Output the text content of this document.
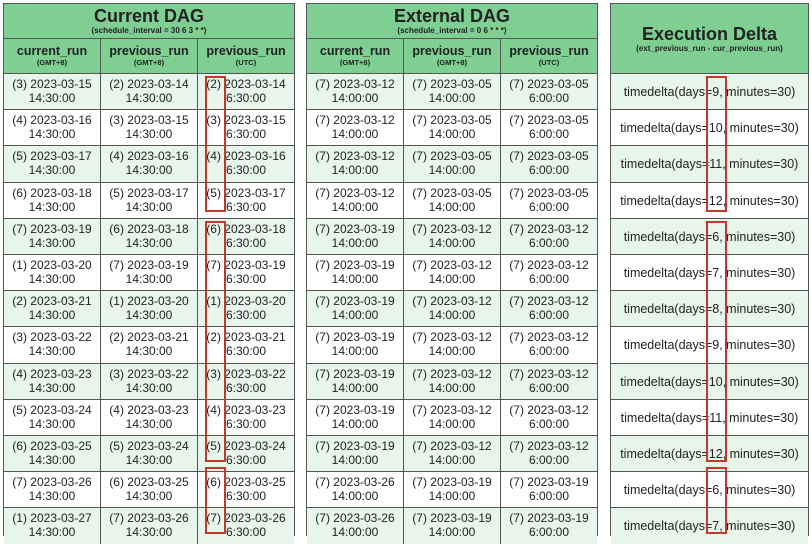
Current DAG
(schedule_interval = 30 6 3 * *)
current_run
(GMT+8)
previous_run
(GMT+8)
previous_run
(UTC)
(3) 2023-03-15
14:30:00
(2) 2023-03-14
14:30:00
(2) 2023-03-14
6:30:00
(4) 2023-03-16
14:30:00
(3) 2023-03-15
14:30:00
(3) 2023-03-15
6:30:00
(5) 2023-03-17
14:30:00
(4) 2023-03-16
14:30:00
(4) 2023-03-16
6:30:00
(6) 2023-03-18
14:30:00
(5) 2023-03-17
14:30:00
(5) 2023-03-17
6:30:00
(7) 2023-03-19
14:30:00
(6) 2023-03-18
14:30:00
(6) 2023-03-18
6:30:00
(1) 2023-03-20
14:30:00
(7) 2023-03-19
14:30:00
(7) 2023-03-19
6:30:00
(2) 2023-03-21
14:30:00
(1) 2023-03-20
14:30:00
(1) 2023-03-20
6:30:00
(3) 2023-03-22
14:30:00
(2) 2023-03-21
14:30:00
(2) 2023-03-21
6:30:00
(4) 2023-03-23
14:30:00
(3) 2023-03-22
14:30:00
(3) 2023-03-22
6:30:00
(5) 2023-03-24
14:30:00
(4) 2023-03-23
14:30:00
(4) 2023-03-23
6:30:00
(6) 2023-03-25
14:30:00
(5) 2023-03-24
14:30:00
(5) 2023-03-24
6:30:00
(7) 2023-03-26
14:30:00
(6) 2023-03-25
14:30:00
(6) 2023-03-25
6:30:00
(1) 2023-03-27
14:30:00
(7) 2023-03-26
14:30:00
(7) 2023-03-26
6:30:00
External DAG
(schedule_interval = 0 6 * * *)
current_run
(GMT+8)
previous_run
(GMT+8)
previous_run
(UTC)
(7) 2023-03-12
14:00:00
(7) 2023-03-05
14:00:00
(7) 2023-03-05
6:00:00
(7) 2023-03-12
14:00:00
(7) 2023-03-05
14:00:00
(7) 2023-03-05
6:00:00
(7) 2023-03-12
14:00:00
(7) 2023-03-05
14:00:00
(7) 2023-03-05
6:00:00
(7) 2023-03-12
14:00:00
(7) 2023-03-05
14:00:00
(7) 2023-03-05
6:00:00
(7) 2023-03-19
14:00:00
(7) 2023-03-12
14:00:00
(7) 2023-03-12
6:00:00
(7) 2023-03-19
14:00:00
(7) 2023-03-12
14:00:00
(7) 2023-03-12
6:00:00
(7) 2023-03-19
14:00:00
(7) 2023-03-12
14:00:00
(7) 2023-03-12
6:00:00
(7) 2023-03-19
14:00:00
(7) 2023-03-12
14:00:00
(7) 2023-03-12
6:00:00
(7) 2023-03-19
14:00:00
(7) 2023-03-12
14:00:00
(7) 2023-03-12
6:00:00
(7) 2023-03-19
14:00:00
(7) 2023-03-12
14:00:00
(7) 2023-03-12
6:00:00
(7) 2023-03-19
14:00:00
(7) 2023-03-12
14:00:00
(7) 2023-03-12
6:00:00
(7) 2023-03-26
14:00:00
(7) 2023-03-19
14:00:00
(7) 2023-03-19
6:00:00
(7) 2023-03-26
14:00:00
(7) 2023-03-19
14:00:00
(7) 2023-03-19
6:00:00
Execution Delta
(ext_previous_run - cur_previous_run)
timedelta(days=9, minutes=30)
timedelta(days=10, minutes=30)
timedelta(days=11, minutes=30)
timedelta(days=12, minutes=30)
timedelta(days=6, minutes=30)
timedelta(days=7, minutes=30)
timedelta(days=8, minutes=30)
timedelta(days=9, minutes=30)
timedelta(days=10, minutes=30)
timedelta(days=11, minutes=30)
timedelta(days=12, minutes=30)
timedelta(days=6, minutes=30)
timedelta(days=7, minutes=30)
